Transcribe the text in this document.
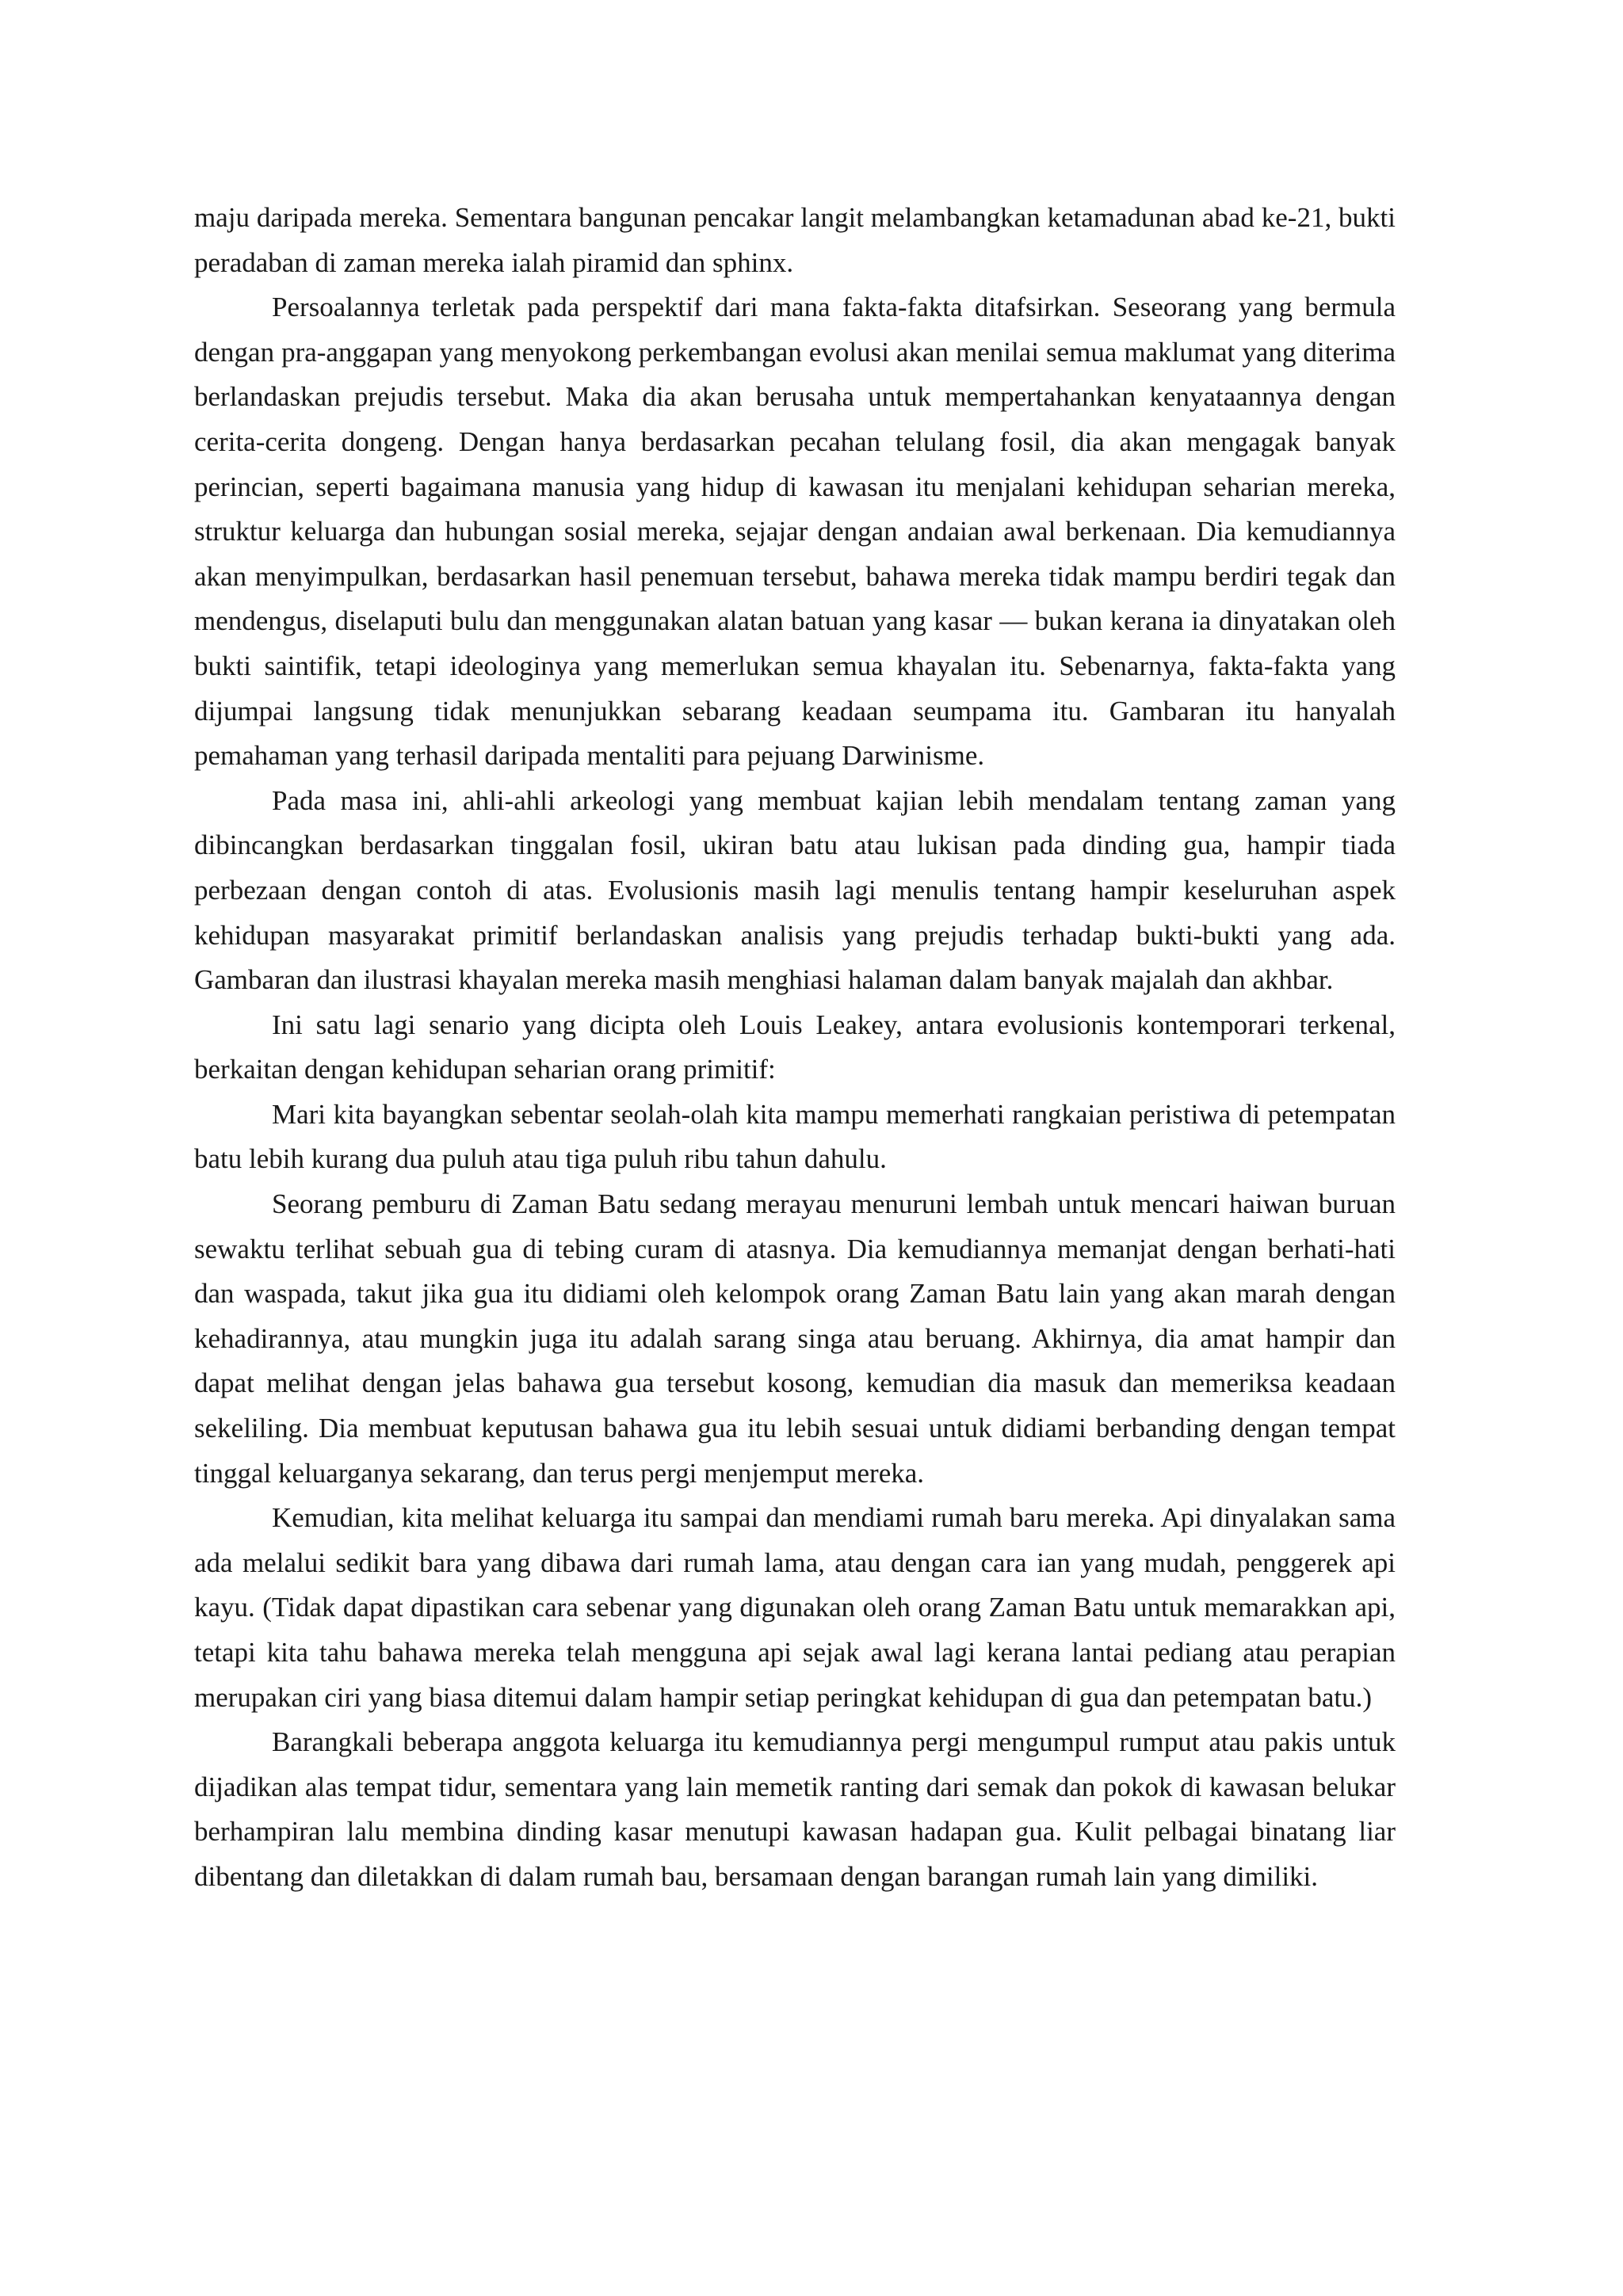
maju daripada mereka. Sementara bangunan pencakar langit melambangkan ketamadunan abad ke-21, bukti peradaban di zaman mereka ialah piramid dan sphinx.

Persoalannya terletak pada perspektif dari mana fakta-fakta ditafsirkan. Seseorang yang bermula dengan pra-anggapan yang menyokong perkembangan evolusi akan menilai semua maklumat yang diterima berlandaskan prejudis tersebut. Maka dia akan berusaha untuk mempertahankan kenyataannya dengan cerita-cerita dongeng. Dengan hanya berdasarkan pecahan telulang fosil, dia akan mengagak banyak perincian, seperti bagaimana manusia yang hidup di kawasan itu menjalani kehidupan seharian mereka, struktur keluarga dan hubungan sosial mereka, sejajar dengan andaian awal berkenaan. Dia kemudiannya akan menyimpulkan, berdasarkan hasil penemuan tersebut, bahawa mereka tidak mampu berdiri tegak dan mendengus, diselaputi bulu dan menggunakan alatan batuan yang kasar — bukan kerana ia dinyatakan oleh bukti saintifik, tetapi ideologinya yang memerlukan semua khayalan itu. Sebenarnya, fakta-fakta yang dijumpai langsung tidak menunjukkan sebarang keadaan seumpama itu. Gambaran itu hanyalah pemahaman yang terhasil daripada mentaliti para pejuang Darwinisme.

Pada masa ini, ahli-ahli arkeologi yang membuat kajian lebih mendalam tentang zaman yang dibincangkan berdasarkan tinggalan fosil, ukiran batu atau lukisan pada dinding gua, hampir tiada perbezaan dengan contoh di atas. Evolusionis masih lagi menulis tentang hampir keseluruhan aspek kehidupan masyarakat primitif berlandaskan analisis yang prejudis terhadap bukti-bukti yang ada. Gambaran dan ilustrasi khayalan mereka masih menghiasi halaman dalam banyak majalah dan akhbar.

Ini satu lagi senario yang dicipta oleh Louis Leakey, antara evolusionis kontemporari terkenal, berkaitan dengan kehidupan seharian orang primitif:

Mari kita bayangkan sebentar seolah-olah kita mampu memerhati rangkaian peristiwa di petempatan batu lebih kurang dua puluh atau tiga puluh ribu tahun dahulu.

Seorang pemburu di Zaman Batu sedang merayau menuruni lembah untuk mencari haiwan buruan sewaktu terlihat sebuah gua di tebing curam di atasnya. Dia kemudiannya memanjat dengan berhati-hati dan waspada, takut jika gua itu didiami oleh kelompok orang Zaman Batu lain yang akan marah dengan kehadirannya, atau mungkin juga itu adalah sarang singa atau beruang. Akhirnya, dia amat hampir dan dapat melihat dengan jelas bahawa gua tersebut kosong, kemudian dia masuk dan memeriksa keadaan sekeliling. Dia membuat keputusan bahawa gua itu lebih sesuai untuk didiami berbanding dengan tempat tinggal keluarganya sekarang, dan terus pergi menjemput mereka.

Kemudian, kita melihat keluarga itu sampai dan mendiami rumah baru mereka. Api dinyalakan sama ada melalui sedikit bara yang dibawa dari rumah lama, atau dengan cara ian yang mudah, penggerek api kayu. (Tidak dapat dipastikan cara sebenar yang digunakan oleh orang Zaman Batu untuk memarakkan api, tetapi kita tahu bahawa mereka telah mengguna api sejak awal lagi kerana lantai pediang atau perapian merupakan ciri yang biasa ditemui dalam hampir setiap peringkat kehidupan di gua dan petempatan batu.)

Barangkali beberapa anggota keluarga itu kemudiannya pergi mengumpul rumput atau pakis untuk dijadikan alas tempat tidur, sementara yang lain memetik ranting dari semak dan pokok di kawasan belukar berhampiran lalu membina dinding kasar menutupi kawasan hadapan gua. Kulit pelbagai binatang liar dibentang dan diletakkan di dalam rumah bau, bersamaan dengan barangan rumah lain yang dimiliki.
